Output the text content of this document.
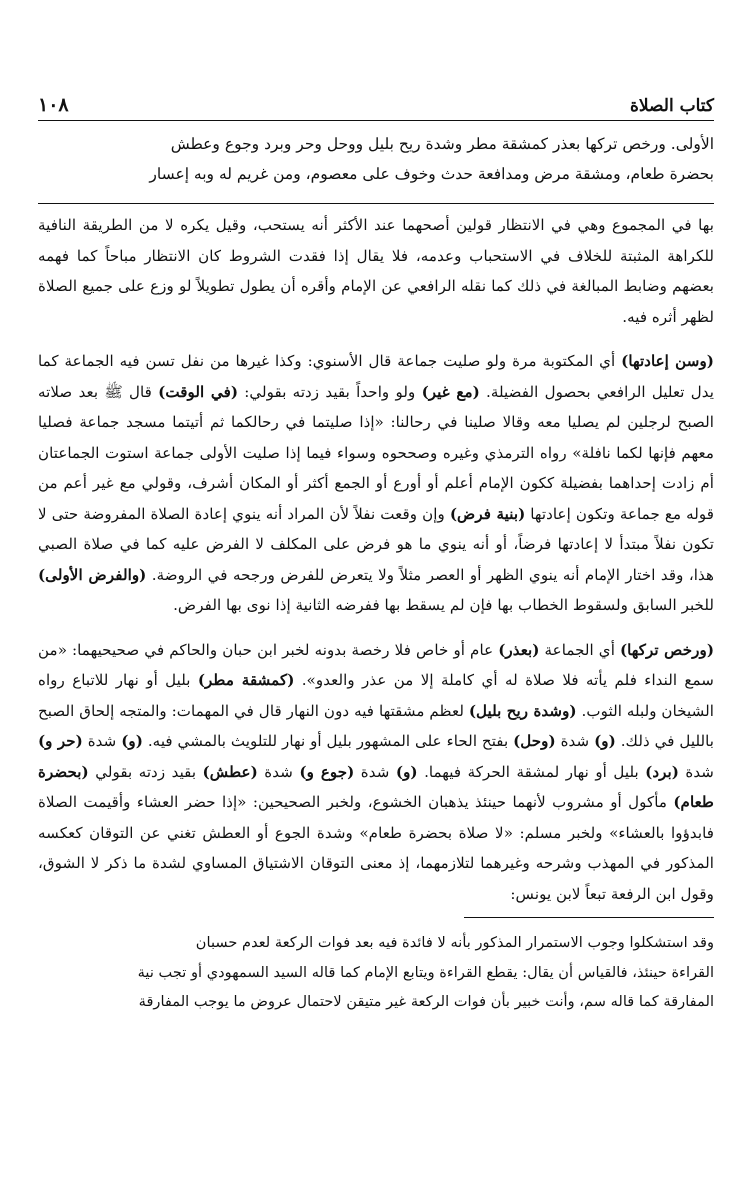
كتاب الصلاة
١٠٨
الأولى. ورخص تركها بعذر كمشقة مطر وشدة ريح بليل ووحل وحر وبرد وجوع وعطش
بحضرة طعام، ومشقة مرض ومدافعة حدث وخوف على معصوم، ومن غريم له وبه إعسار

بها في المجموع وهي في الانتظار قولين أصحهما عند الأكثر أنه يستحب، وقيل يكره لا من الطريقة النافية للكراهة المثبتة للخلاف في الاستحباب وعدمه، فلا يقال إذا فقدت الشروط كان الانتظار مباحاً كما فهمه بعضهم وضابط المبالغة في ذلك كما نقله الرافعي عن الإمام وأقره أن يطول تطويلاً لو وزع على جميع الصلاة لظهر أثره فيه.

(وسن إعادتها) أي المكتوبة مرة ولو صليت جماعة قال الأسنوي: وكذا غيرها من نفل تسن فيه الجماعة كما يدل تعليل الرافعي بحصول الفضيلة. (مع غير) ولو واحداً بقيد زدته بقولي: (في الوقت) قال ﷺ بعد صلاته الصبح لرجلين لم يصليا معه وقالا صلينا في رحالنا: «إذا صليتما في رحالكما ثم أتيتما مسجد جماعة فصليا معهم فإنها لكما نافلة» رواه الترمذي وغيره وصححوه وسواء فيما إذا صليت الأولى جماعة استوت الجماعتان أم زادت إحداهما بفضيلة ككون الإمام أعلم أو أورع أو الجمع أكثر أو المكان أشرف، وقولي مع غير أعم من قوله مع جماعة وتكون إعادتها (بنية فرض) وإن وقعت نفلاً لأن المراد أنه ينوي إعادة الصلاة المفروضة حتى لا تكون نفلاً مبتدأ لا إعادتها فرضاً، أو أنه ينوي ما هو فرض على المكلف لا الفرض عليه كما في صلاة الصبي هذا، وقد اختار الإمام أنه ينوي الظهر أو العصر مثلاً ولا يتعرض للفرض ورجحه في الروضة. (والفرض الأولى) للخبر السابق ولسقوط الخطاب بها فإن لم يسقط بها ففرضه الثانية إذا نوى بها الفرض.

(ورخص تركها) أي الجماعة (بعذر) عام أو خاص فلا رخصة بدونه لخبر ابن حبان والحاكم في صحيحيهما: «من سمع النداء فلم يأته فلا صلاة له أي كاملة إلا من عذر والعدو». (كمشقة مطر) بليل أو نهار للاتباع رواه الشيخان ولبله الثوب. (وشدة ريح بليل) لعظم مشقتها فيه دون النهار قال في المهمات: والمتجه إلحاق الصبح بالليل في ذلك. (و) شدة (وحل) بفتح الحاء على المشهور بليل أو نهار للتلويث بالمشي فيه. (و) شدة (حر و) شدة (برد) بليل أو نهار لمشقة الحركة فيهما. (و) شدة (جوع و) شدة (عطش) بقيد زدته بقولي (بحضرة طعام) مأكول أو مشروب لأنهما حينئذ يذهبان الخشوع، ولخبر الصحيحين: «إذا حضر العشاء وأقيمت الصلاة فابدؤوا بالعشاء» ولخبر مسلم: «لا صلاة بحضرة طعام» وشدة الجوع أو العطش تغني عن التوقان كعكسه المذكور في المهذب وشرحه وغيرهما لتلازمهما، إذ معنى التوقان الاشتياق المساوي لشدة ما ذكر لا الشوق، وقول ابن الرفعة تبعاً لابن يونس:

وقد استشكلوا وجوب الاستمرار المذكور بأنه لا فائدة فيه بعد فوات الركعة لعدم حسبان

القراءة حينئذ، فالقياس أن يقال: يقطع القراءة ويتابع الإمام كما قاله السيد السمهودي أو تجب نية

المفارقة كما قاله سم، وأنت خبير بأن فوات الركعة غير متيقن لاحتمال عروض ما يوجب المفارقة
